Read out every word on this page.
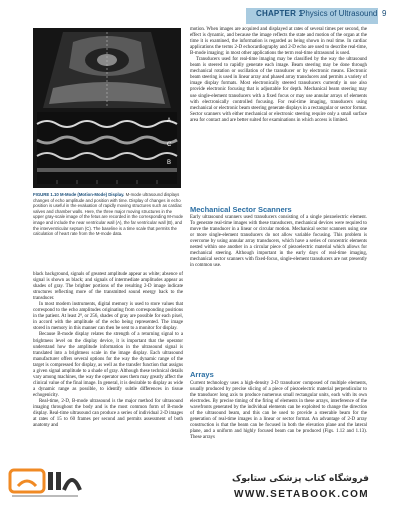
CHAPTER 1
Physics of Ultrasound 9
A
C
B
FIGURE 1.10 M-Mode (Motion-Mode) Display. M-mode ultrasound displays changes of echo amplitude and position with time. Display of changes in echo position is useful in the evaluation of rapidly moving structures such as cardiac valves and chamber walls. Here, the three major moving structures in the upper gray-scale image of the fetus are recorded in the corresponding M-mode image and include the near ventricular wall (A), the far ventricular wall (B), and the interventricular septum (C). The baseline is a time scale that permits the calculation of heart rate from the M-mode data.

black background, signals of greatest amplitude appear as white; absence of signal is shown as black; and signals of intermediate amplitudes appear as shades of gray. The brighter portions of the resulting 2-D image indicate structures reflecting more of the transmitted sound energy back to the transducer.

In most modern instruments, digital memory is used to store values that correspond to the echo amplitudes originating from corresponding positions in the patient. At least 2⁸, or 256, shades of gray are possible for each pixel, in accord with the amplitude of the echo being represented. The image stored in memory in this manner can then be sent to a monitor for display.

Because B-mode display relates the strength of a returning signal to a brightness level on the display device, it is important that the operator understand how the amplitude information in the ultrasound signal is translated into a brightness scale in the image display. Each ultrasound manufacturer offers several options for the way the dynamic range of the target is compressed for display, as well as the transfer function that assigns a given signal amplitude to a shade of gray. Although these technical details vary among machines, the way the operator uses them may greatly affect the clinical value of the final image. In general, it is desirable to display as wide a dynamic range as possible, to identify subtle differences in tissue echogenicity.

Real-time, 2-D, B-mode ultrasound is the major method for ultrasound imaging throughout the body and is the most common form of B-mode display. Real-time ultrasound can produce a series of individual 2-D images at rates of 15 to 60 frames per second and permits assessment of both anatomy and

motion. When images are acquired and displayed at rates of several times per second, the effect is dynamic, and because the image reflects the state and motion of the organ at the time it is examined, the information is regarded as being shown in real time. In cardiac applications the terms 2-D echocardiography and 2-D echo are used to describe real-time, B-mode imaging; in most other applications the term real-time ultrasound is used.

Transducers used for real-time imaging may be classified by the way the ultrasound beam is steered to rapidly generate each image. Beam steering may be done through mechanical rotation or oscillation of the transducer or by electronic means. Electronic beam steering is used in linear array and phased array transducers and permits a variety of image display formats. Most electronically steered transducers currently in use also provide electronic focusing that is adjustable for depth. Mechanical beam steering may use single-element transducers with a fixed focus or may use annular arrays of elements with electronically controlled focusing. For real-time imaging, transducers using mechanical or electronic beam steering generate displays in a rectangular or sector format. Sector scanners with either mechanical or electronic steering require only a small surface area for contact and are better suited for examinations in which access is limited.

Mechanical Sector Scanners

Early ultrasound scanners used transducers consisting of a single piezoelectric element. To generate real-time images with these transducers, mechanical devices were required to move the transducer in a linear or circular motion. Mechanical sector scanners using one or more single-element transducers do not allow variable focusing. This problem is overcome by using annular array transducers, which have a series of concentric elements nested within one another in a circular piece of piezoelectric material which allows for mechanical steering. Although important in the early days of real-time imaging, mechanical sector scanners with fixed-focus, single-element transducers are not presently in common use.

Arrays

Current technology uses a high-density 2-D transducer composed of multiple elements, usually produced by precise slicing of a piece of piezoelectric material perpendicular to the transducer long axis to produce numerous small rectangular units, each with its own electrodes. By precise timing of the firing of elements in these arrays, interference of the wavefronts generated by the individual elements can be exploited to change the direction of the ultrasound beam, and this can be used to provide a steerable beam for the generation of real-time images in a linear or sector format. An advantage of 2-D array construction is that the beam can be focused in both the elevation plane and the lateral plane, and a uniform and highly focused beam can be produced (Figs. 1.12 and 1.13). These arrays

فروشگاه کتاب پزشکی ستابوک
WWW.SETABOOK.COM
